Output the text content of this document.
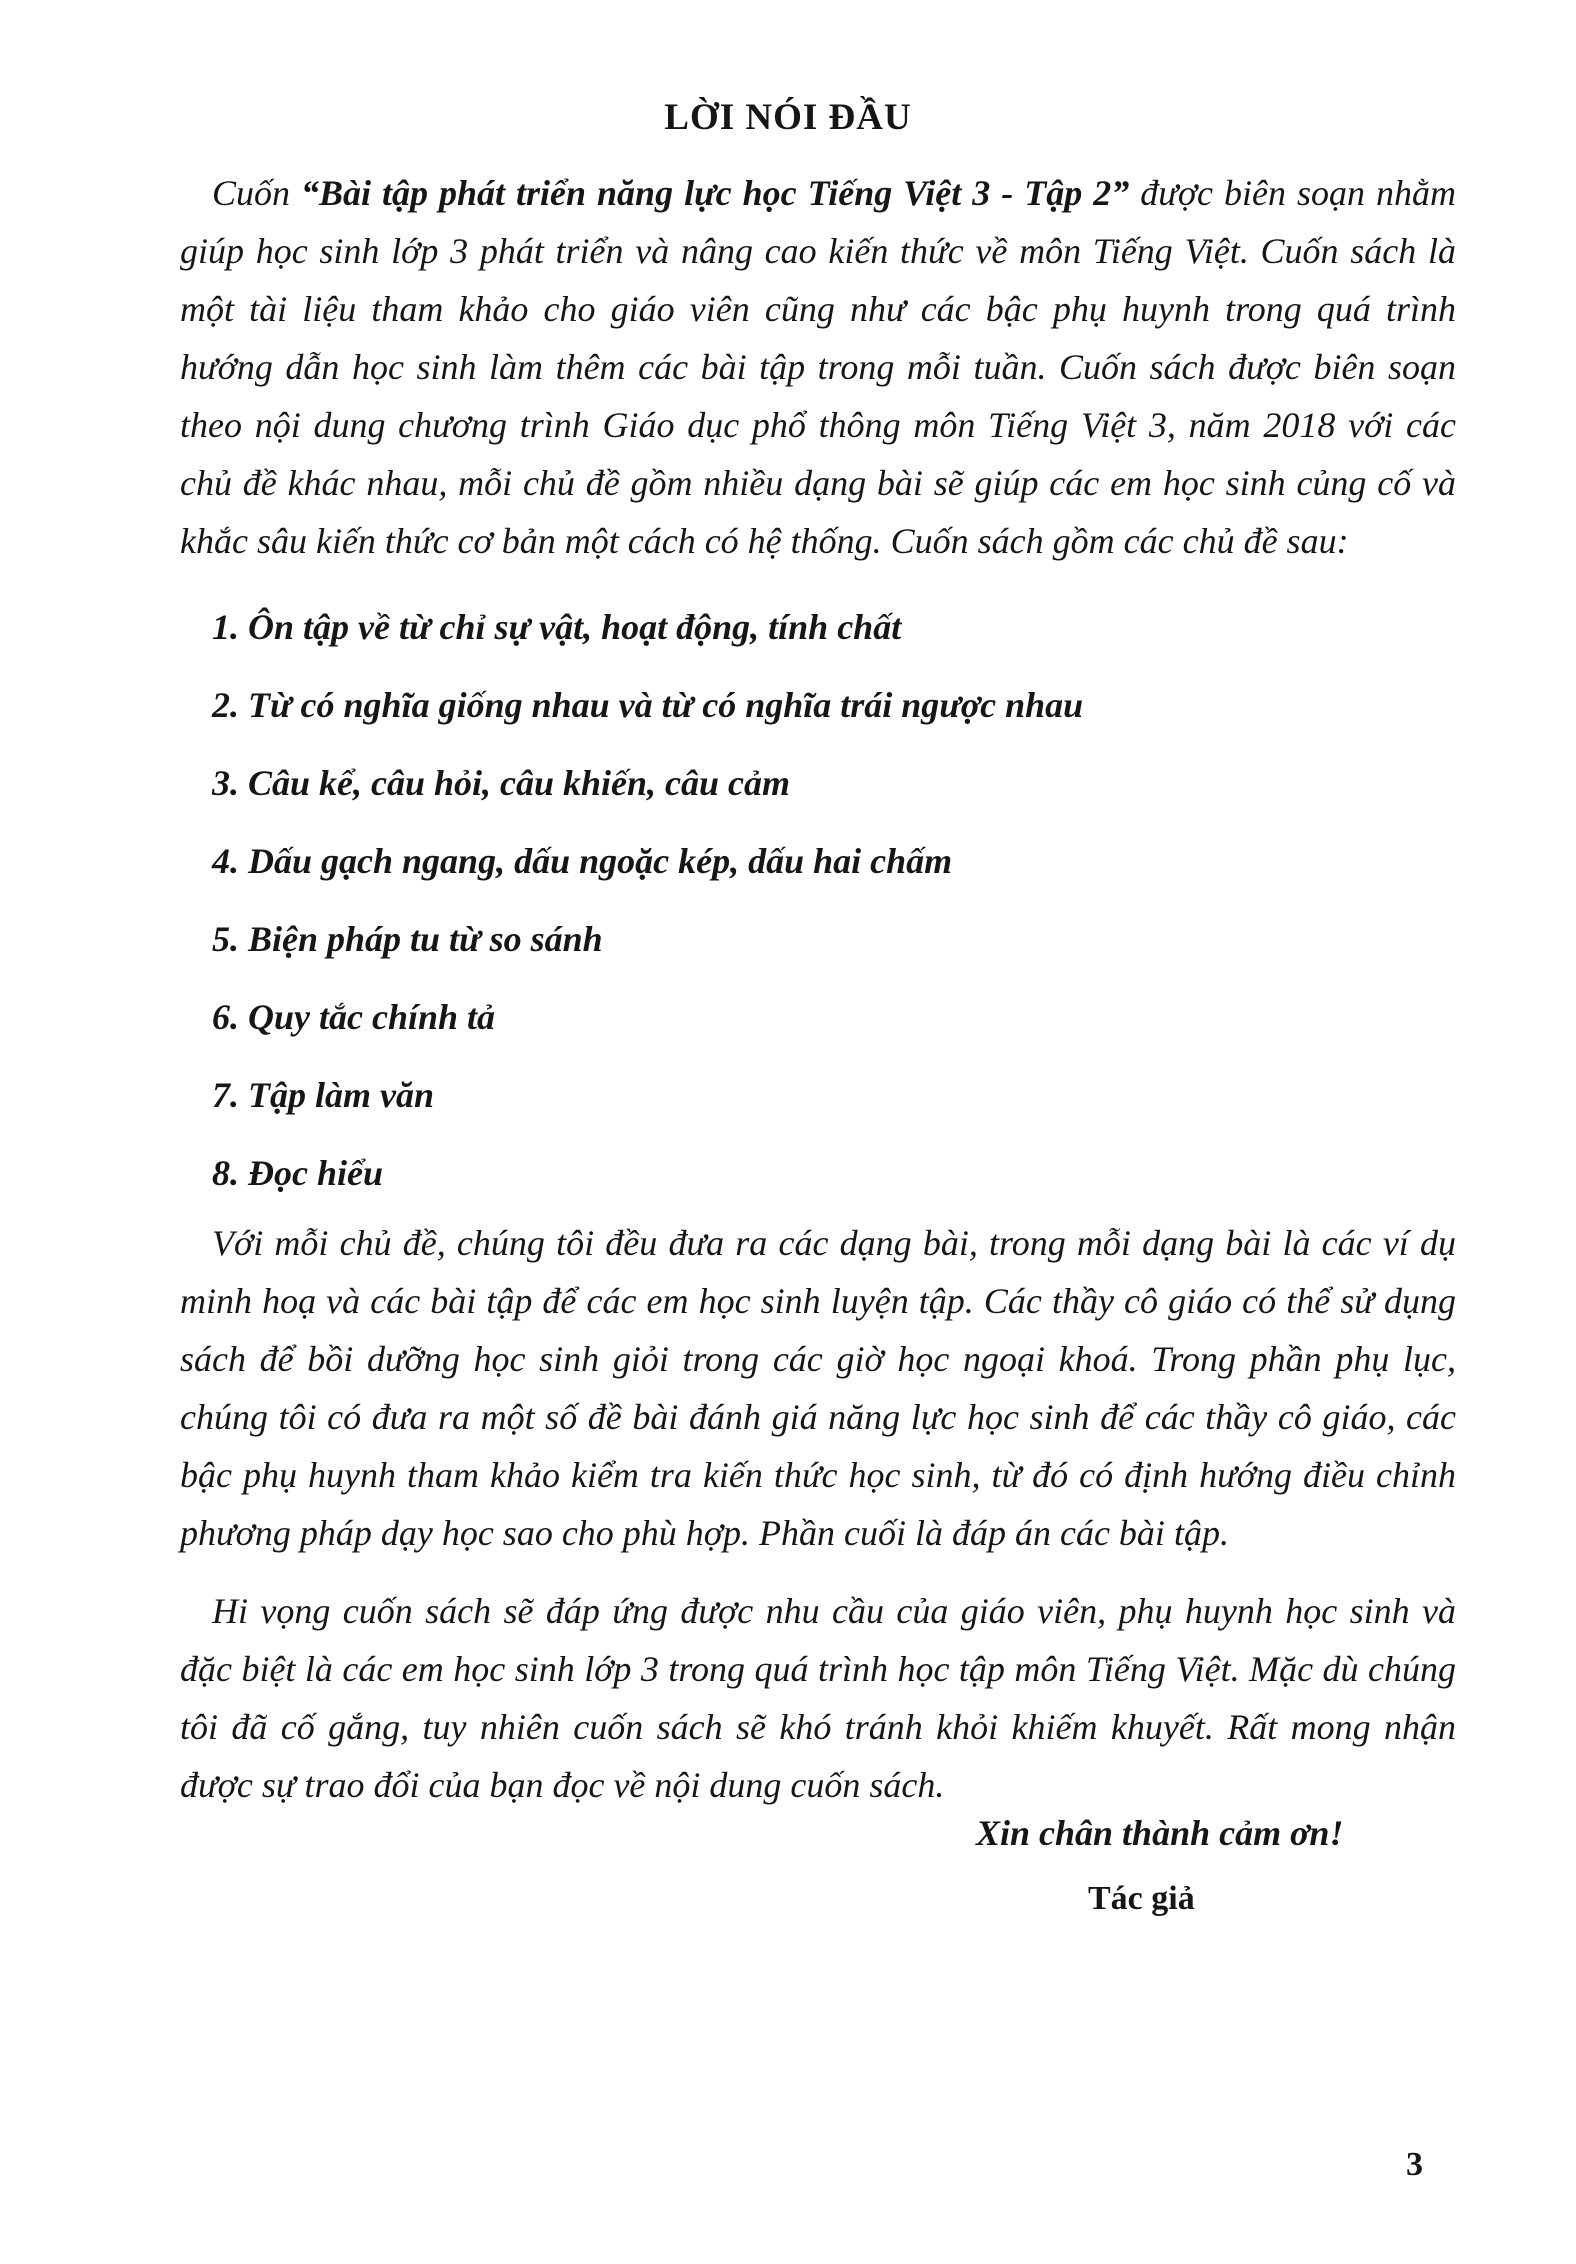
LỜI NÓI ĐẦU

Cuốn “Bài tập phát triển năng lực học Tiếng Việt 3 - Tập 2” được biên soạn nhằm giúp học sinh lớp 3 phát triển và nâng cao kiến thức về môn Tiếng Việt. Cuốn sách là một tài liệu tham khảo cho giáo viên cũng như các bậc phụ huynh trong quá trình hướng dẫn học sinh làm thêm các bài tập trong mỗi tuần. Cuốn sách được biên soạn theo nội dung chương trình Giáo dục phổ thông môn Tiếng Việt 3, năm 2018 với các chủ đề khác nhau, mỗi chủ đề gồm nhiều dạng bài sẽ giúp các em học sinh củng cố và khắc sâu kiến thức cơ bản một cách có hệ thống. Cuốn sách gồm các chủ đề sau:

1. Ôn tập về từ chỉ sự vật, hoạt động, tính chất
2. Từ có nghĩa giống nhau và từ có nghĩa trái ngược nhau
3. Câu kể, câu hỏi, câu khiến, câu cảm
4. Dấu gạch ngang, dấu ngoặc kép, dấu hai chấm
5. Biện pháp tu từ so sánh
6. Quy tắc chính tả
7. Tập làm văn
8. Đọc hiểu

Với mỗi chủ đề, chúng tôi đều đưa ra các dạng bài, trong mỗi dạng bài là các ví dụ minh hoạ và các bài tập để các em học sinh luyện tập. Các thầy cô giáo có thể sử dụng sách để bồi dưỡng học sinh giỏi trong các giờ học ngoại khoá. Trong phần phụ lục, chúng tôi có đưa ra một số đề bài đánh giá năng lực học sinh để các thầy cô giáo, các bậc phụ huynh tham khảo kiểm tra kiến thức học sinh, từ đó có định hướng điều chỉnh phương pháp dạy học sao cho phù hợp. Phần cuối là đáp án các bài tập.

Hi vọng cuốn sách sẽ đáp ứng được nhu cầu của giáo viên, phụ huynh học sinh và đặc biệt là các em học sinh lớp 3 trong quá trình học tập môn Tiếng Việt. Mặc dù chúng tôi đã cố gắng, tuy nhiên cuốn sách sẽ khó tránh khỏi khiếm khuyết. Rất mong nhận được sự trao đổi của bạn đọc về nội dung cuốn sách.

Xin chân thành cảm ơn!
Tác giả
3
